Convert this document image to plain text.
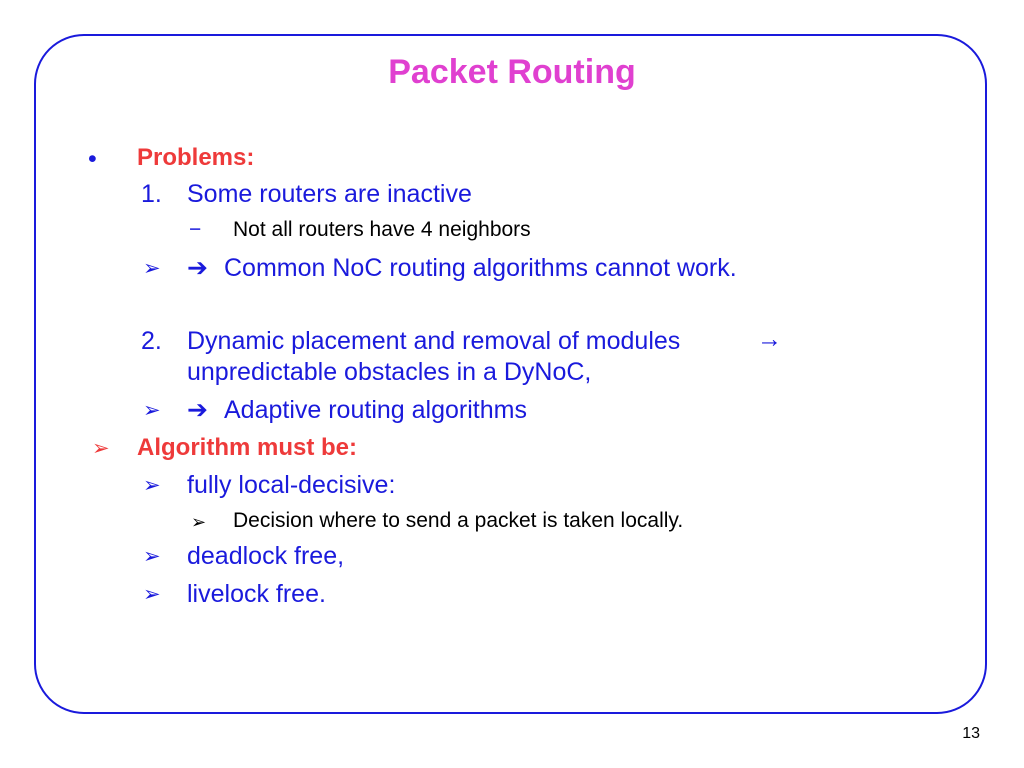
Packet Routing
• Problems:
1. Some routers are inactive
− Not all routers have 4 neighbors
➢ ➔ Common NoC routing algorithms cannot work.
2. Dynamic placement and removal of modules	→
unpredictable obstacles in a DyNoC,
➢ ➔ Adaptive routing algorithms
➢ Algorithm must be:
➢ fully local-decisive:
➢ Decision where to send a packet is taken locally.
➢ deadlock free,
➢ livelock free.
13
